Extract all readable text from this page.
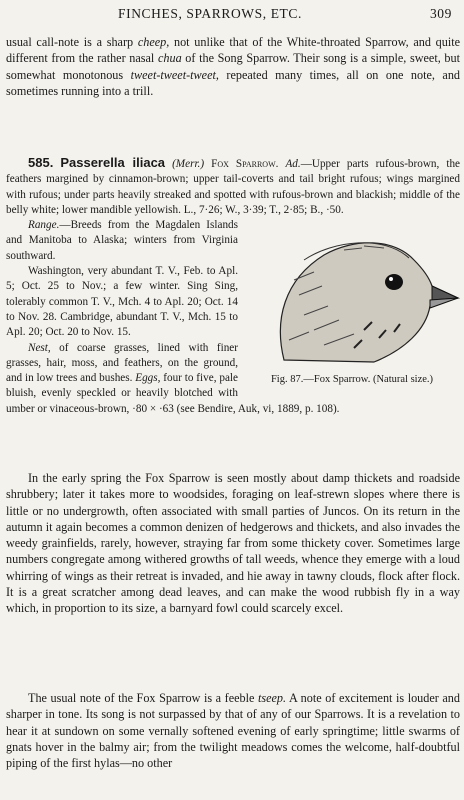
FINCHES, SPARROWS, ETC.	309

usual call-note is a sharp cheep, not unlike that of the White-throated Sparrow, and quite different from the rather nasal chua of the Song Sparrow. Their song is a simple, sweet, but somewhat monotonous tweet-tweet-tweet, repeated many times, all on one note, and sometimes running into a trill.

585. Passerella iliaca (Merr.) Fox Sparrow. Ad.—Upper parts rufous-brown, the feathers margined by cinnamon-brown; upper tail-coverts and tail bright rufous; wings margined with rufous; under parts heavily streaked and spotted with rufous-brown and blackish; middle of the belly white; lower mandible yellowish. L., 7·26; W., 3·39; T., 2·85; B., ·50.

Fig. 87.—Fox Sparrow. (Natural size.)

Range.—Breeds from the Magdalen Islands and Manitoba to Alaska; winters from Virginia southward.

Washington, very abundant T. V., Feb. to Apl. 5; Oct. 25 to Nov.; a few winter. Sing Sing, tolerably common T. V., Mch. 4 to Apl. 20; Oct. 14 to Nov. 28. Cambridge, abundant T. V., Mch. 15 to Apl. 20; Oct. 20 to Nov. 15.

Nest, of coarse grasses, lined with finer grasses, hair, moss, and feathers, on the ground, and in low trees and bushes. Eggs, four to five, pale bluish, evenly speckled or heavily blotched with umber or vinaceous-brown, ·80 × ·63 (see Bendire, Auk, vi, 1889, p. 108).

In the early spring the Fox Sparrow is seen mostly about damp thickets and roadside shrubbery; later it takes more to woodsides, foraging on leaf-strewn slopes where there is little or no undergrowth, often associated with small parties of Juncos. On its return in the autumn it again becomes a common denizen of hedgerows and thickets, and also invades the weedy grainfields, rarely, however, straying far from some thickety cover. Sometimes large numbers congregate among withered growths of tall weeds, whence they emerge with a loud whirring of wings as their retreat is invaded, and hie away in tawny clouds, flock after flock. It is a great scratcher among dead leaves, and can make the wood rubbish fly in a way which, in proportion to its size, a barnyard fowl could scarcely excel.

The usual note of the Fox Sparrow is a feeble tseep. A note of excitement is louder and sharper in tone. Its song is not surpassed by that of any of our Sparrows. It is a revelation to hear it at sundown on some vernally softened evening of early springtime; little swarms of gnats hover in the balmy air; from the twilight meadows comes the welcome, half-doubtful piping of the first hylas—no other
